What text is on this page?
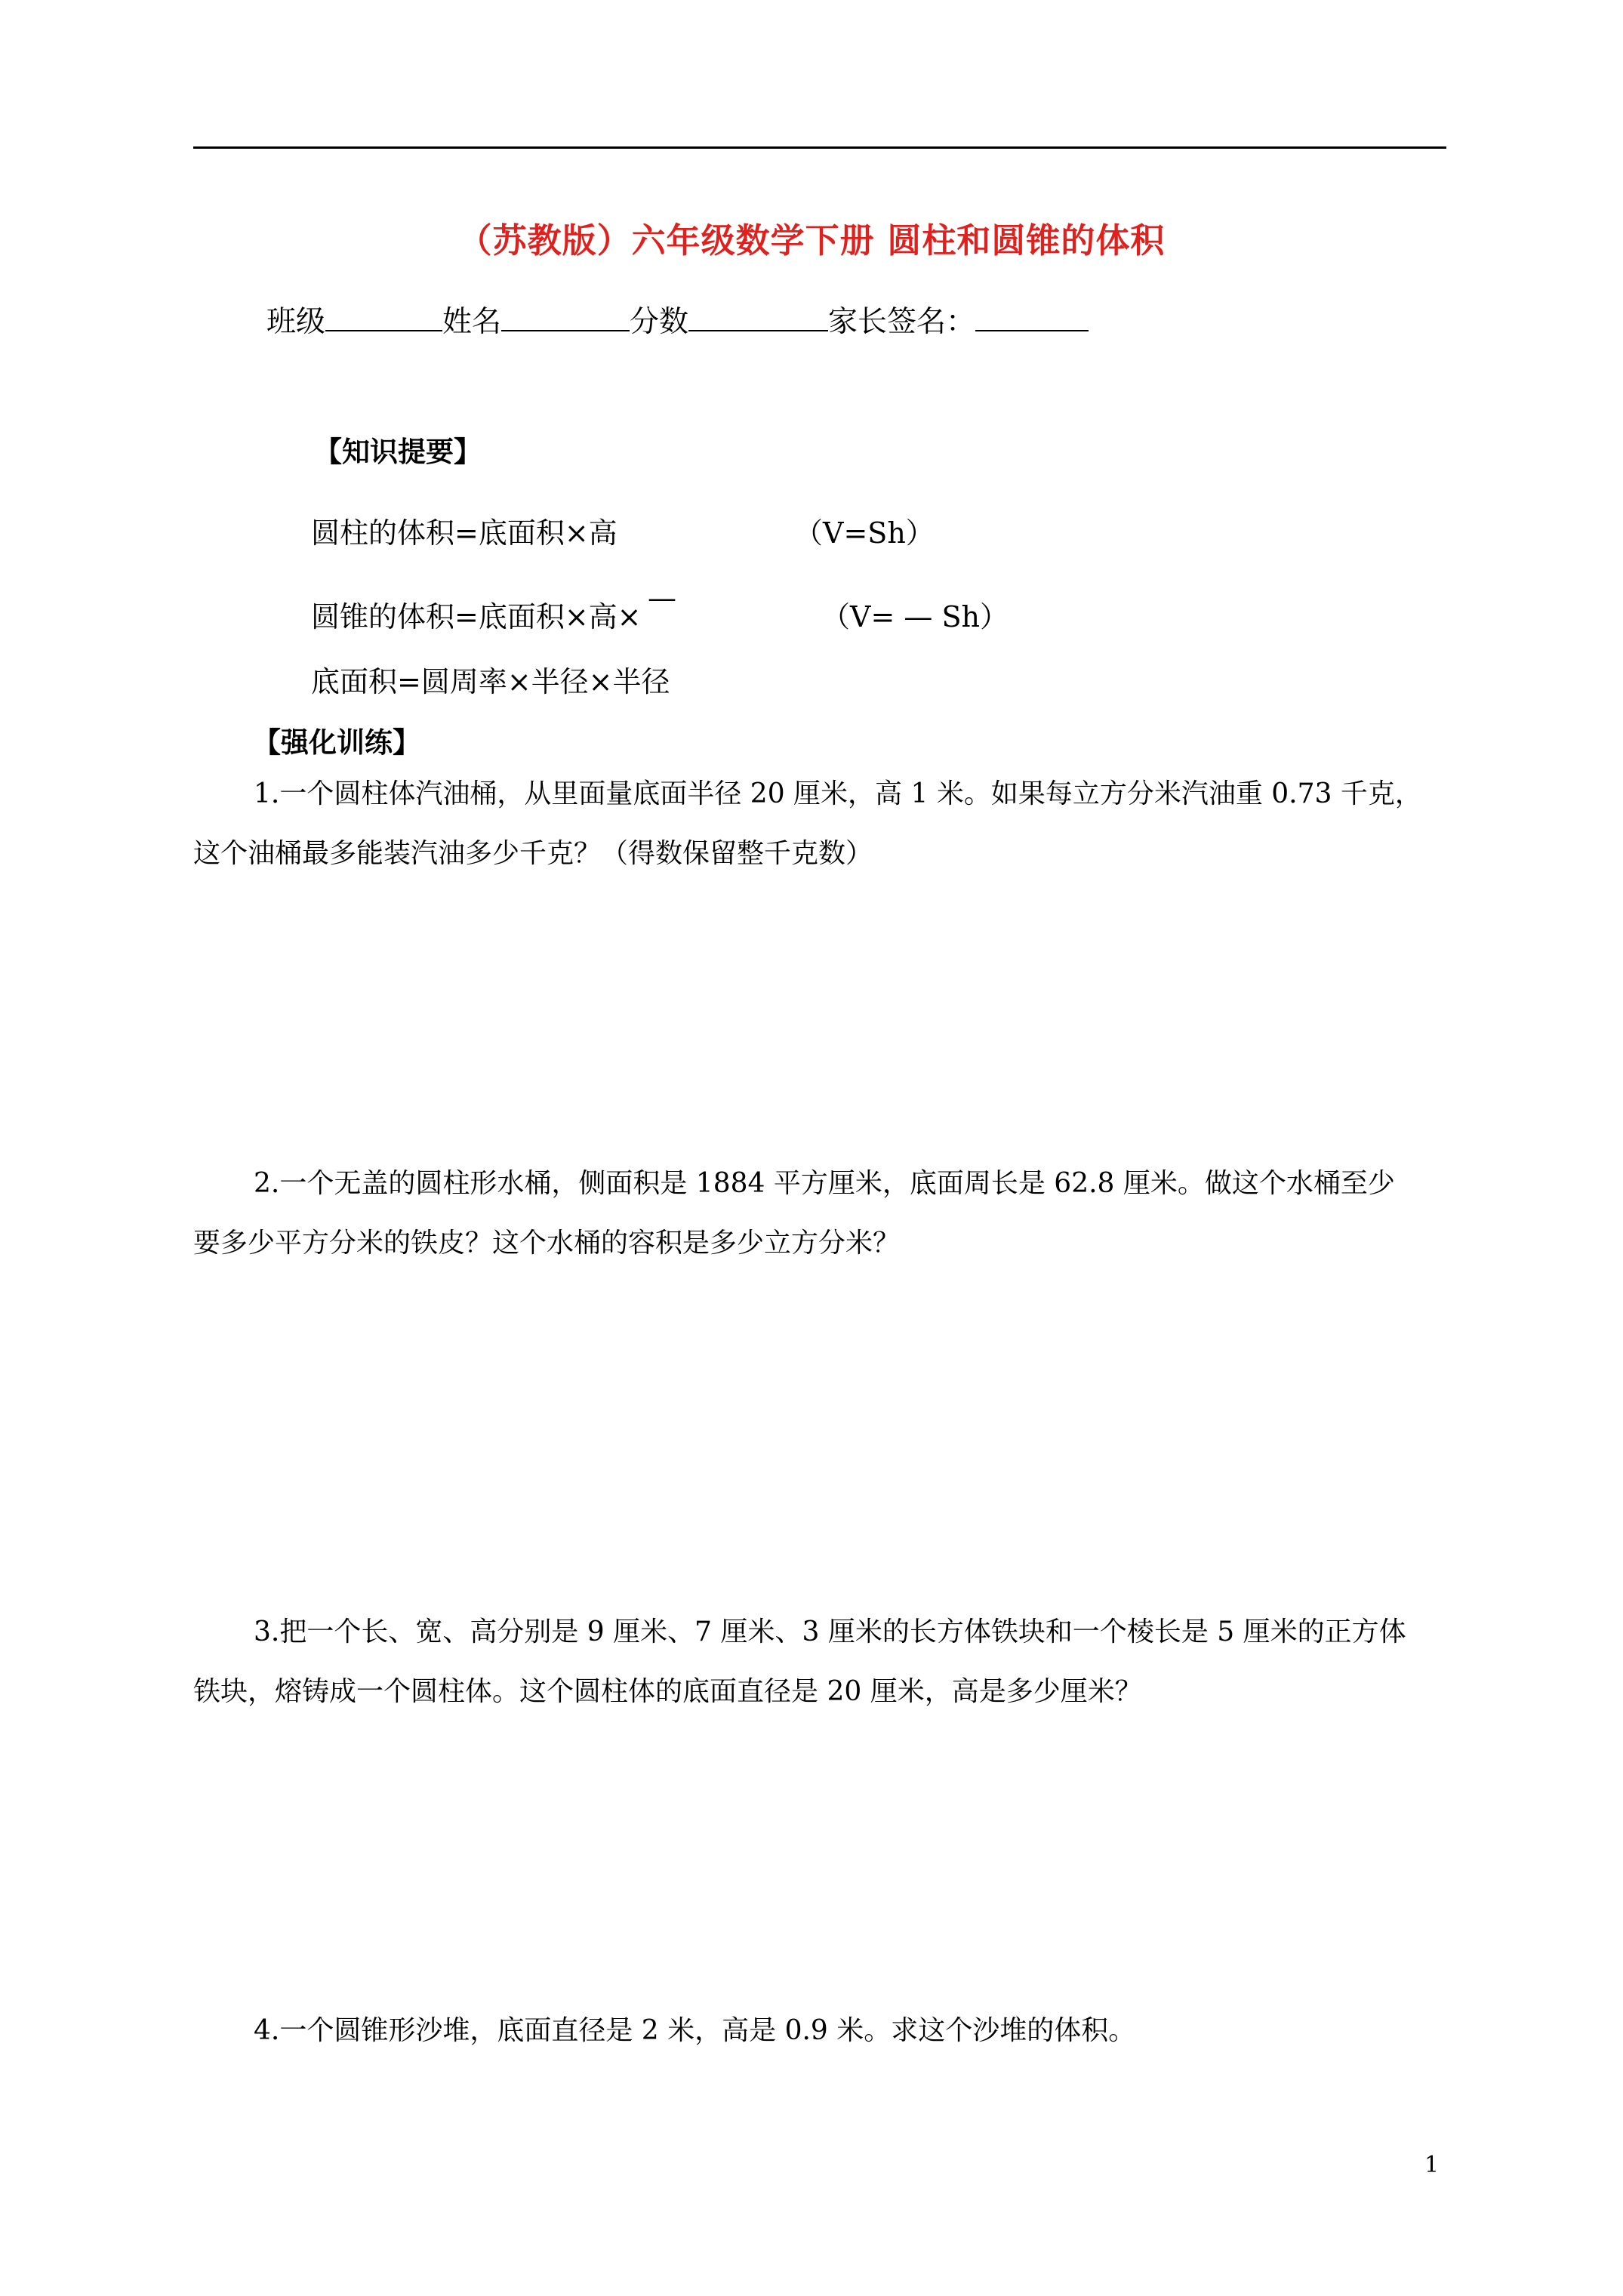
（苏教版）六年级数学下册 圆柱和圆锥的体积
班级	姓名	分数	家长签名：
【知识提要】
圆柱的体积=底面积×高	（V=Sh）
圆锥的体积=底面积×高×
—
（V= — Sh）
底面积=圆周率×半径×半径
【强化训练】

1.一个圆柱体汽油桶，从里面量底面半径 20 厘米，高 1 米。如果每立方分米汽油重 0.73 千克，

这个油桶最多能装汽油多少千克？（得数保留整千克数）

2.一个无盖的圆柱形水桶，侧面积是 1884 平方厘米，底面周长是 62.8 厘米。做这个水桶至少

要多少平方分米的铁皮？这个水桶的容积是多少立方分米？

3.把一个长、宽、高分别是 9 厘米、7 厘米、3 厘米的长方体铁块和一个棱长是 5 厘米的正方体

铁块，熔铸成一个圆柱体。这个圆柱体的底面直径是 20 厘米，高是多少厘米？

4.一个圆锥形沙堆，底面直径是 2 米，高是 0.9 米。求这个沙堆的体积。

1
